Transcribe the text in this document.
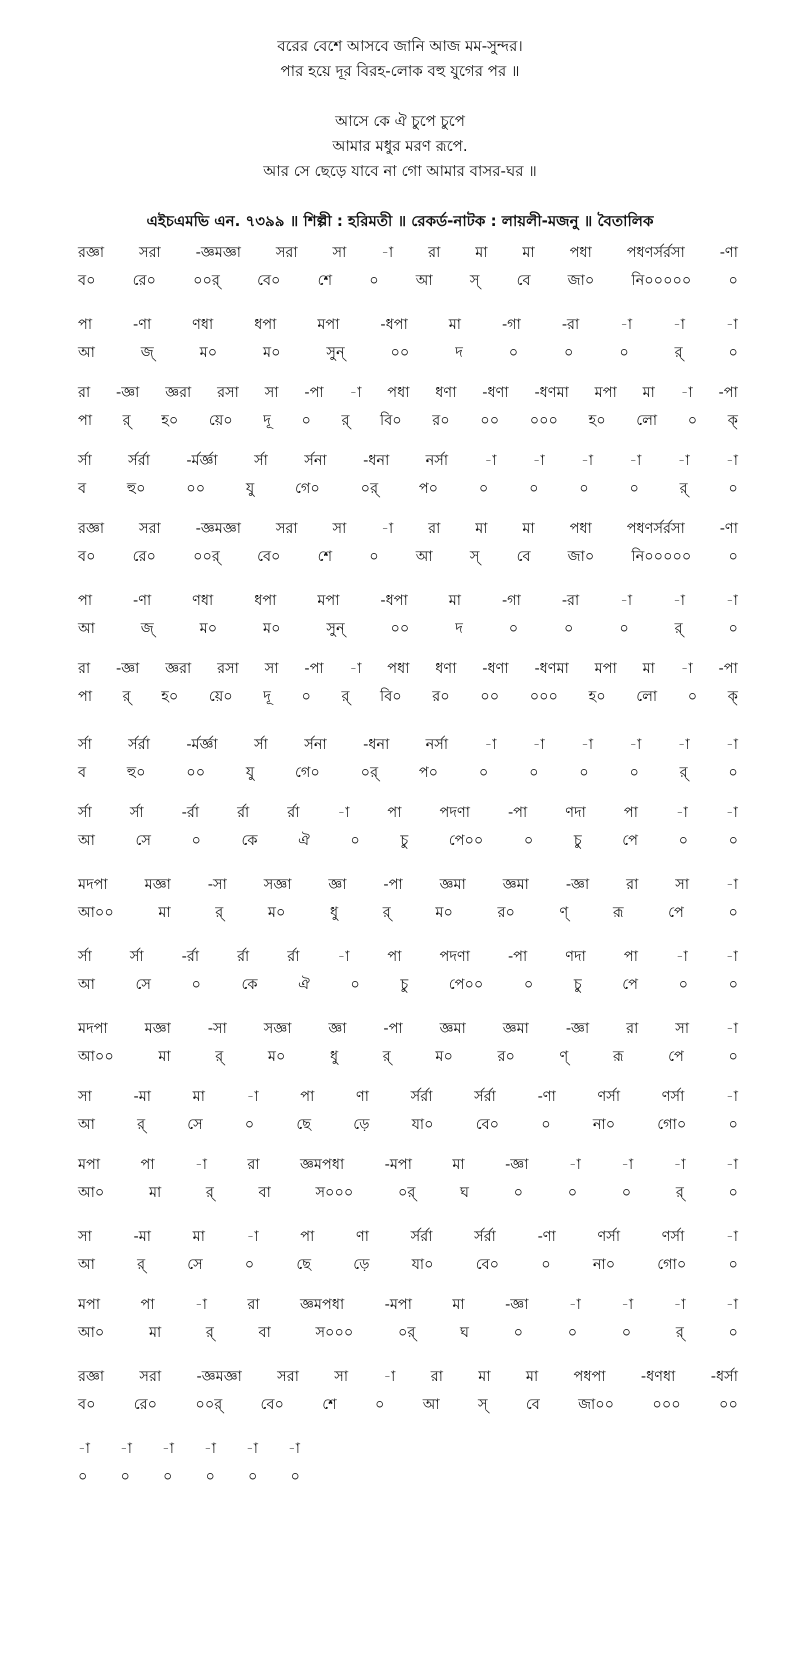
বরের বেশে আসবে জানি আজ মম-সুন্দর।
পার হয়ে দূর বিরহ-লোক বহু যুগের পর ॥
আসে কে ঐ চুপে চুপে
আমার মধুর মরণ রূপে.
আর সে ছেড়ে যাবে না গো আমার বাসর-ঘর ॥
এইচএমভি এন. ৭৩৯৯ ॥ শিল্পী : হরিমতী ॥ রেকর্ড-নাটক : লায়লী-মজনু ॥ বৈতালিক
রজ্ঞা সরা -জ্ঞমজ্ঞা সরা সা -া রা মা মা পধা পধণর্সর্রসা -ণা
ব০	রে০	০০র্	বে০	শে	০	আ	স্	বে	জা০	নি০০০০০	০
পা	-ণা	ণধা	ধপা	মপা	-ধপা	মা	-গা	-রা	-া	-া	-া
আ	জ্	ম০	ম০	সুন্	০০	দ	০	০	০	র্	০
রা -জ্ঞা জ্ঞরা রসা সা -পা -া পধা ধণা -ধণা -ধণমা মপা মা -া -পা
পা র্ হ০ য়ে০ দূ ০ র্ বি০ র০ ০০ ০০০ হ০ লো ০ ক্
র্সা	র্সর্রা	-র্মর্জ্ঞা	র্সা	র্সনা	-ধনা	নর্সা	-া	-া	-া	-া	-া	-া
ব	হু০	০০	যু	গে০	০র্	প০	০	০	০	০	র্	০
রজ্ঞা সরা -জ্ঞমজ্ঞা সরা সা -া রা মা মা পধা পধণর্সর্রসা -ণা
ব০	রে০	০০র্	বে০	শে	০	আ	স্	বে	জা০	নি০০০০০	০
পা	-ণা	ণধা	ধপা	মপা	-ধপা	মা	-গা	-রা	-া	-া	-া
আ	জ্	ম০	ম০	সুন্	০০	দ	০	০	০	র্	০
রা -জ্ঞা জ্ঞরা রসা সা -পা -া পধা ধণা -ধণা -ধণমা মপা মা -া -পা
পা র্ হ০ য়ে০ দূ ০ র্ বি০ র০ ০০ ০০০ হ০ লো ০ ক্
র্সা	র্সর্রা	-র্মর্জ্ঞা	র্সা	র্সনা	-ধনা	নর্সা	-া	-া	-া	-া	-া	-া
ব	হু০	০০	যু	গে০	০র্	প০	০	০	০	০	র্	০
র্সা	র্সা	-র্রা	র্রা	র্রা	-া	পা	পদণা	-পা	ণদা	পা	-া	-া
আ	সে	০	কে	ঐ	০	চু	পে০০	০	চু	পে	০	০
মদপা	মজ্ঞা	-সা	সজ্ঞা	জ্ঞা	-পা	জ্ঞমা	জ্ঞমা	-জ্ঞা	রা	সা	-া
আ০০	মা	র্	ম০	ধু	র্	ম০	র০	ণ্	রূ	পে	০
র্সা	র্সা	-র্রা	র্রা	র্রা	-া	পা	পদণা	-পা	ণদা	পা	-া	-া
আ	সে	০	কে	ঐ	০	চু	পে০০	০	চু	পে	০	০
মদপা	মজ্ঞা	-সা	সজ্ঞা	জ্ঞা	-পা	জ্ঞমা	জ্ঞমা	-জ্ঞা	রা	সা	-া
আ০০	মা	র্	ম০	ধু	র্	ম০	র০	ণ্	রূ	পে	০
সা	-মা	মা	-া	পা	ণা	র্সর্রা	র্সর্রা	-ণা	ণর্সা	ণর্সা	-া
আ	র্	সে	০	ছে	ড়ে	যা০	বে০	০	না০	গো০	০
মপা	পা	-া	রা	জ্ঞমপধা	-মপা	মা	-জ্ঞা	-া	-া	-া	-া
আ০	মা	র্	বা	স০০০	০র্	ঘ	০	০	০	র্	০
সা	-মা	মা	-া	পা	ণা	র্সর্রা	র্সর্রা	-ণা	ণর্সা	ণর্সা	-া
আ	র্	সে	০	ছে	ড়ে	যা০	বে০	০	না০	গো০	০
মপা	পা	-া	রা	জ্ঞমপধা	-মপা	মা	-জ্ঞা	-া	-া	-া	-া
আ০	মা	র্	বা	স০০০	০র্	ঘ	০	০	০	র্	০
রজ্ঞা সরা -জ্ঞমজ্ঞা সরা সা -া রা মা মা পধপা -ধণধা -ধর্সা
ব০	রে০	০০র্	বে০	শে	০	আ	স্	বে	জা০০	০০০	০০
-া -া -া -া -া -া
০ ০ ০ ০ ০ ০
